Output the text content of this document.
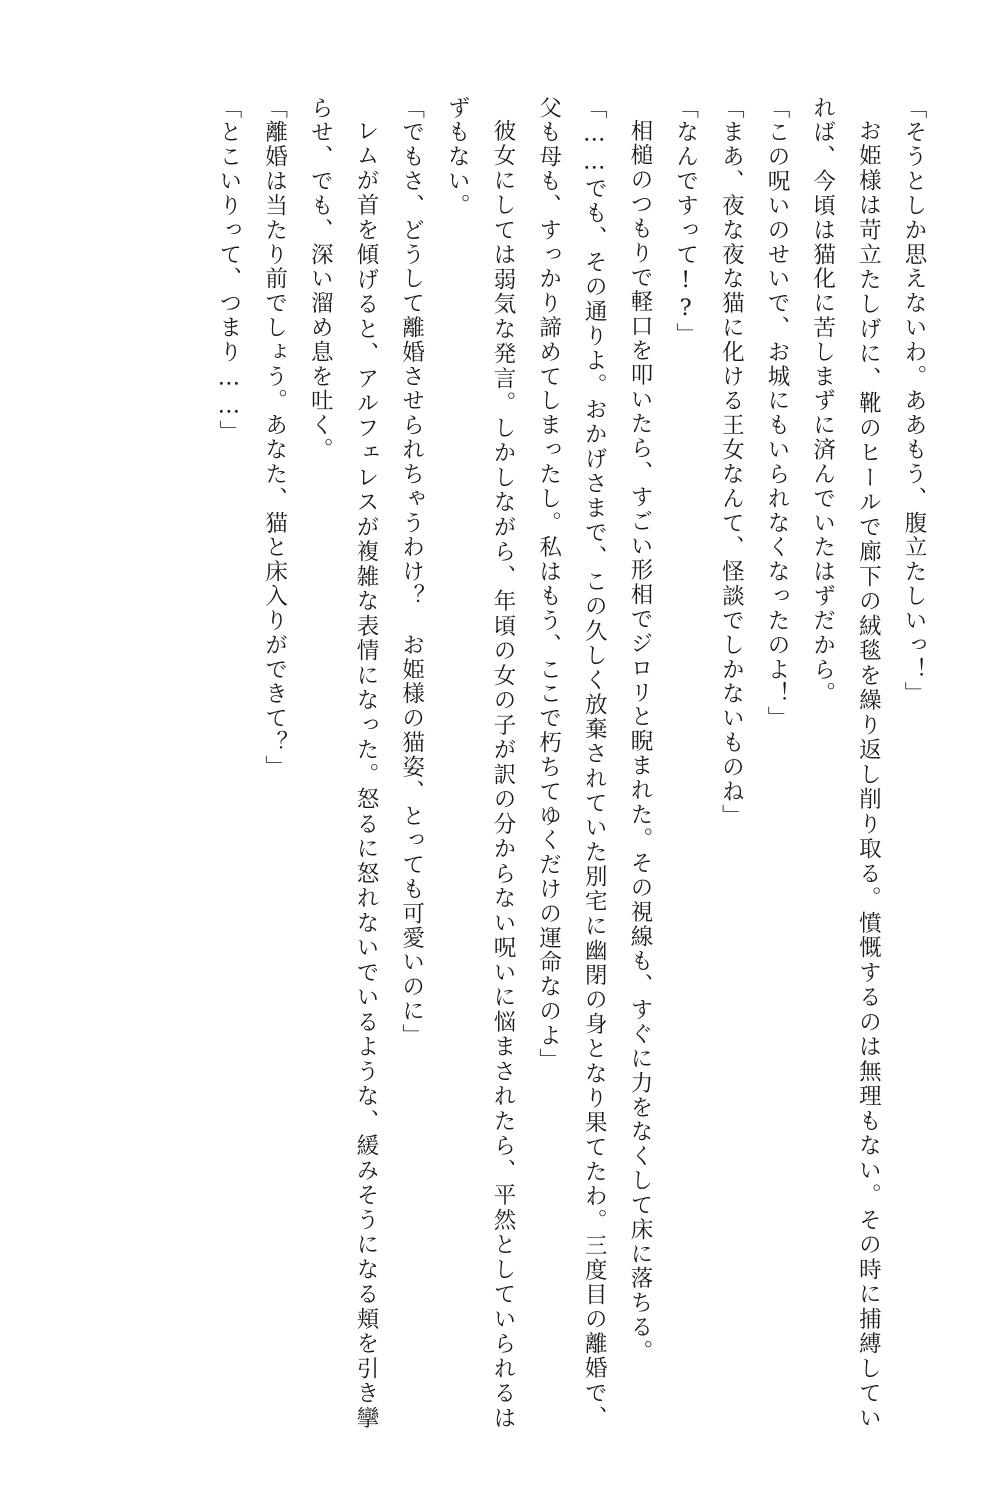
「そうとしか思えないわ。ああもう、腹立たしいっ！」

お姫様は苛立たしげに、靴のヒールで廊下の絨毯を繰り返し削り取る。憤慨するのは無理もない。その時に捕縛していれば、今頃は猫化に苦しまずに済んでいたはずだから。

「この呪いのせいで、お城にもいられなくなったのよ！」

「まあ、夜な夜な猫に化ける王女なんて、怪談でしかないものね」

「なんですって!?」

相槌のつもりで軽口を叩いたら、すごい形相でジロリと睨まれた。その視線も、すぐに力をなくして床に落ちる。

「……でも、その通りよ。おかげさまで、この久しく放棄されていた別宅に幽閉の身となり果てたわ。三度目の離婚で、父も母も、すっかり諦めてしまったし。私はもう、ここで朽ちてゆくだけの運命なのよ」

彼女にしては弱気な発言。しかしながら、年頃の女の子が訳の分からない呪いに悩まされたら、平然としていられるはずもない。

「でもさ、どうして離婚させられちゃうわけ？　お姫様の猫姿、とっても可愛いのに」

レムが首を傾げると、アルフェレスが複雑な表情になった。怒るに怒れないでいるような、緩みそうになる頬を引き攣らせ、でも、深い溜め息を吐く。

「離婚は当たり前でしょう。あなた、猫と床入りができて？」

「とこいりって、つまり……」
